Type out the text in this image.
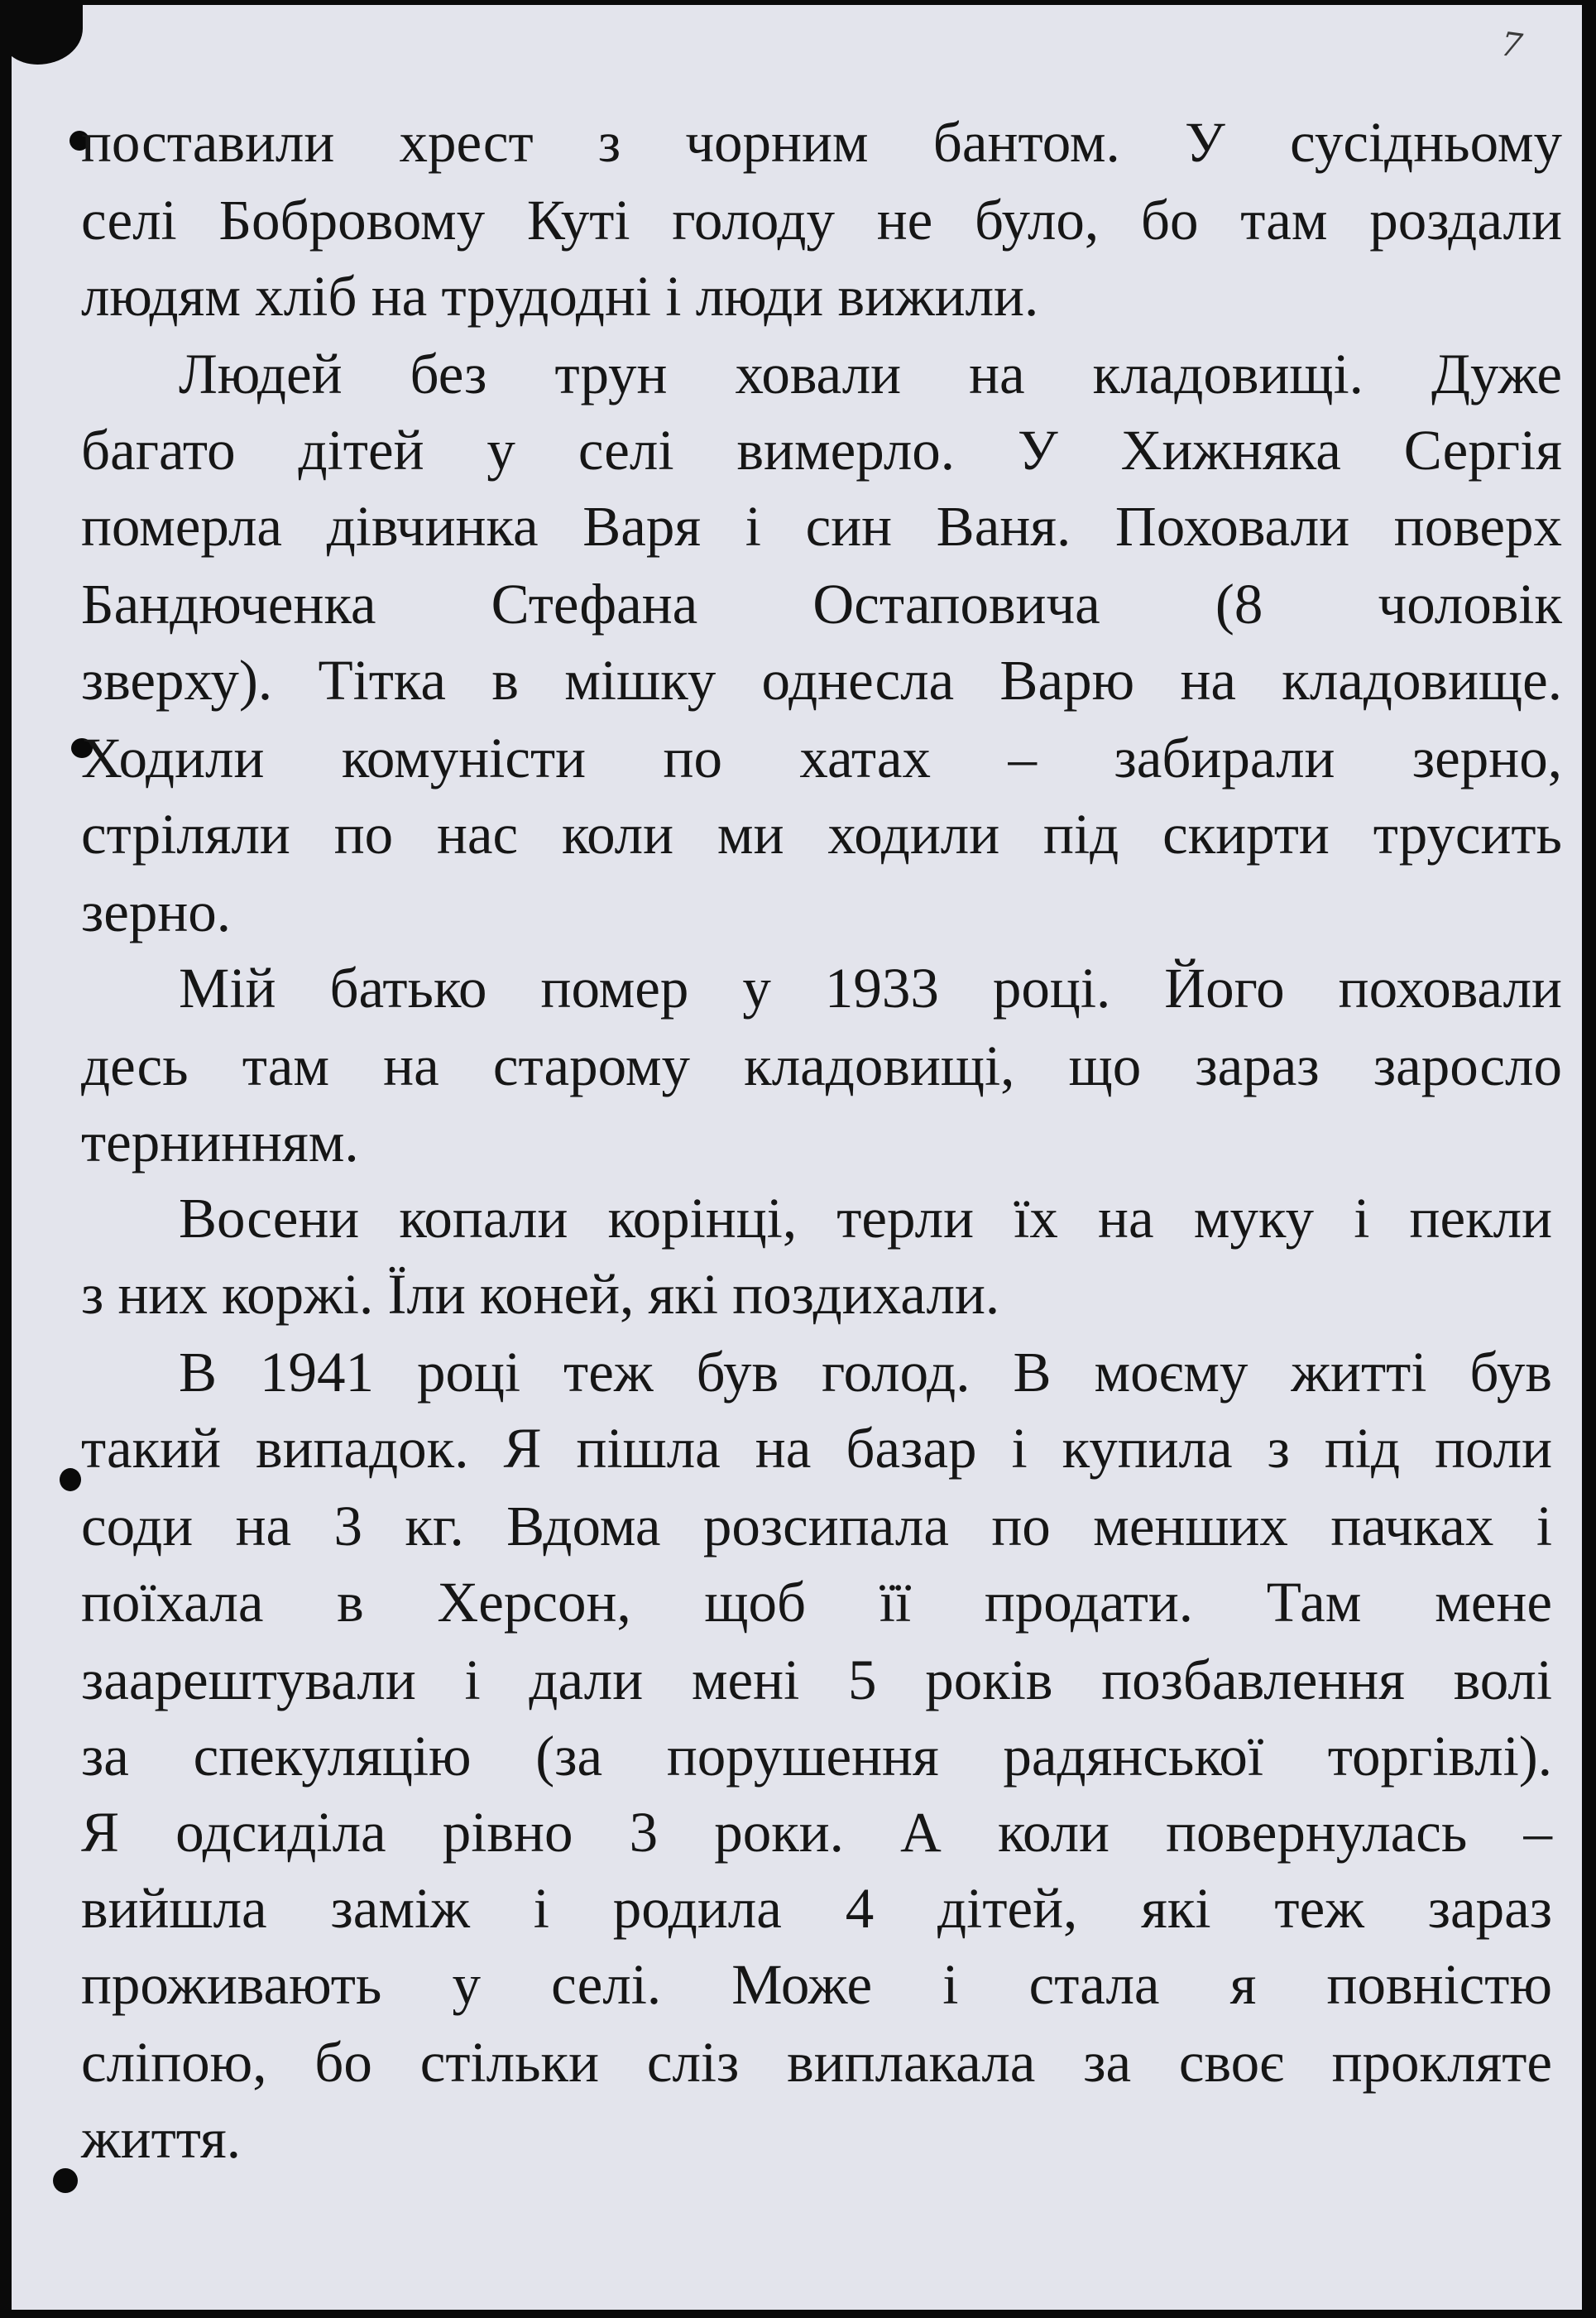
7
поставили хрест з чорним бантом. У сусідньому
селі Бобровому Куті голоду не було, бо там роздали
людям хліб на трудодні і люди вижили.
Людей без трун ховали на кладовищі. Дуже
багато дітей у селі вимерло. У Хижняка Сергія
померла дівчинка Варя і син Ваня. Поховали поверх
Бандюченка Стефана Остаповича (8 чоловік
зверху). Тітка в мішку однесла Варю на кладовище.
Ходили комуністи по хатах – забирали зерно,
стріляли по нас коли ми ходили під скирти трусить
зерно.
Мій батько помер у 1933 році. Його поховали
десь там на старому кладовищі, що зараз заросло
тернинням.
Восени копали корінці, терли їх на муку і пекли
з них коржі. Їли коней, які поздихали.
В 1941 році теж був голод. В моєму житті був
такий випадок. Я пішла на базар і купила з під поли
соди на 3 кг. Вдома розсипала по менших пачках і
поїхала в Херсон, щоб її продати. Там мене
заарештували і дали мені 5 років позбавлення волі
за спекуляцію (за порушення радянської торгівлі).
Я одсиділа рівно 3 роки. А коли повернулась –
вийшла заміж і родила 4 дітей, які теж зараз
проживають у селі. Може і стала я повністю
сліпою, бо стільки сліз виплакала за своє прокляте
життя.
